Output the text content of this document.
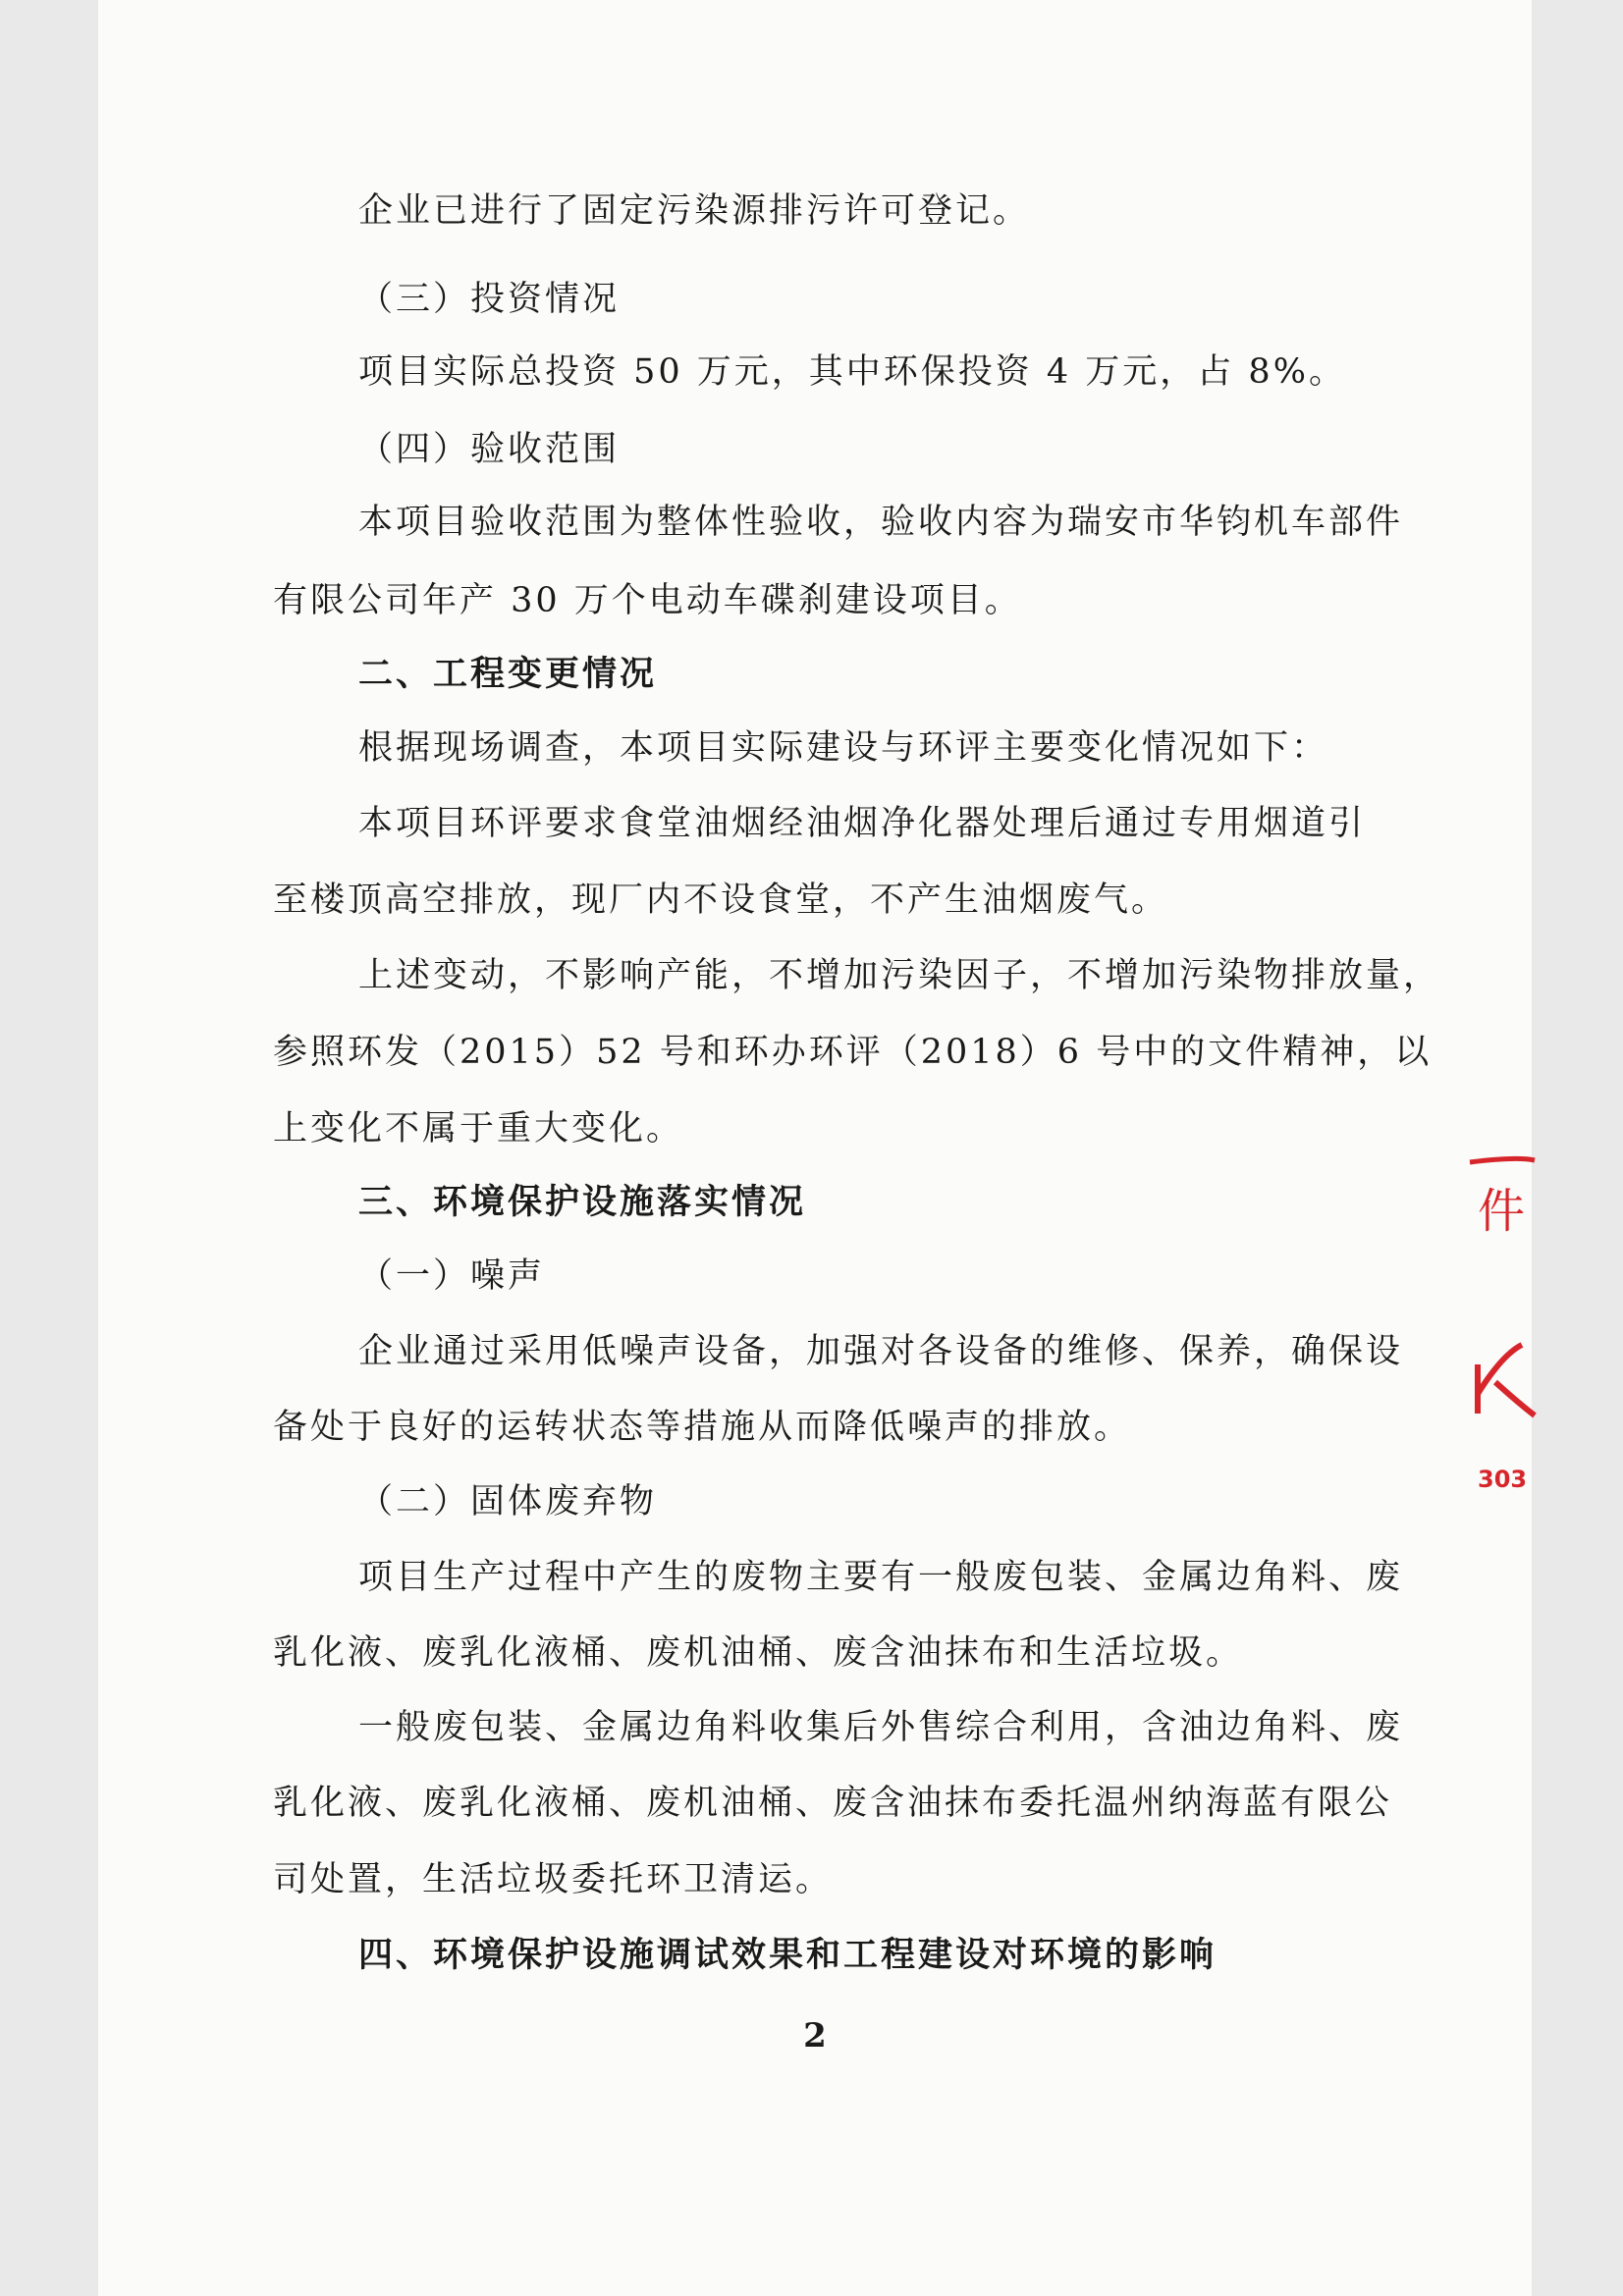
企业已进行了固定污染源排污许可登记。

（三）投资情况

项目实际总投资 50 万元，其中环保投资 4 万元，占 8%。

（四）验收范围

本项目验收范围为整体性验收，验收内容为瑞安市华钧机车部件

有限公司年产 30 万个电动车碟刹建设项目。

二、工程变更情况

根据现场调查，本项目实际建设与环评主要变化情况如下：

本项目环评要求食堂油烟经油烟净化器处理后通过专用烟道引

至楼顶高空排放，现厂内不设食堂，不产生油烟废气。

上述变动，不影响产能，不增加污染因子，不增加污染物排放量，

参照环发（2015）52 号和环办环评（2018）6 号中的文件精神，以

上变化不属于重大变化。

三、环境保护设施落实情况

（一）噪声

企业通过采用低噪声设备，加强对各设备的维修、保养，确保设

备处于良好的运转状态等措施从而降低噪声的排放。

（二）固体废弃物

项目生产过程中产生的废物主要有一般废包装、金属边角料、废

乳化液、废乳化液桶、废机油桶、废含油抹布和生活垃圾。

一般废包装、金属边角料收集后外售综合利用，含油边角料、废

乳化液、废乳化液桶、废机油桶、废含油抹布委托温州纳海蓝有限公

司处置，生活垃圾委托环卫清运。

四、环境保护设施调试效果和工程建设对环境的影响

2

件
303
